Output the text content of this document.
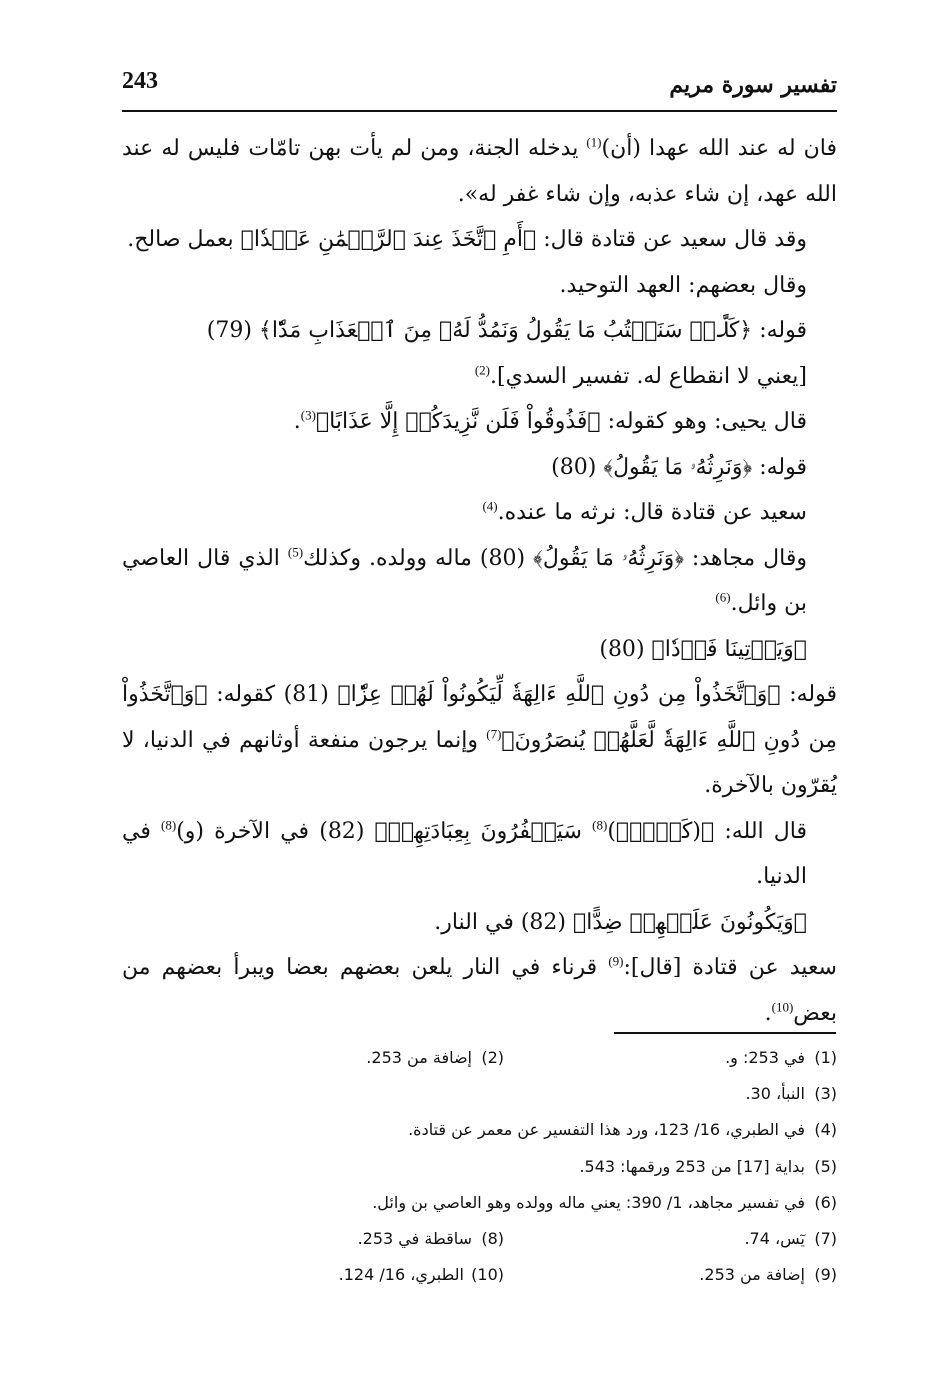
تفسير سورة مريم
243

فان له عند الله عهدا (أن)$^{(1)}$ يدخله الجنة، ومن لم يأت بهن تامّات فليس له عند الله عهد، إن شاء عذبه، وإن شاء غفر له».

وقد قال سعيد عن قتادة قال: ﴿أَمِ ٱتَّخَذَ عِندَ ٱلرَّحۡمَٰنِ عَهۡدٗا﴾ بعمل صالح.

وقال بعضهم: العهد التوحيد.

قوله: ﴿كَلَّاۚ سَنَكۡتُبُ مَا يَقُولُ وَنَمُدُّ لَهُۥ مِنَ ٱلۡعَذَابِ مَدّٗا﴾ (79)

[يعني لا انقطاع له. تفسير السدي].$^{(2)}$

قال يحيى: وهو كقوله: ﴿فَذُوقُواْ فَلَن نَّزِيدَكُمۡ إِلَّا عَذَابًا﴾$^{(3)}$.

قوله: ﴿وَنَرِثُهُۥ مَا يَقُولُ﴾ (80)

سعيد عن قتادة قال: نرثه ما عنده.$^{(4)}$

وقال مجاهد: ﴿وَنَرِثُهُۥ مَا يَقُولُ﴾ (80) ماله وولده. وكذلك$^{(5)}$ الذي قال العاصي بن وائل.$^{(6)}$

﴿وَيَأۡتِينَا فَرۡدٗا﴾ (80)

قوله: ﴿وَٱتَّخَذُواْ مِن دُونِ ٱللَّهِ ءَالِهَةٗ لِّيَكُونُواْ لَهُمۡ عِزّٗا﴾ (81) كقوله: ﴿وَٱتَّخَذُواْ مِن دُونِ ٱللَّهِ ءَالِهَةٗ لَّعَلَّهُمۡ يُنصَرُونَ﴾$^{(7)}$ وإنما يرجون منفعة أوثانهم في الدنيا، لا يُقرّون بالآخرة.

قال الله: ﴿(كَلَّاۚ)$^{(8)}$ سَيَكۡفُرُونَ بِعِبَادَتِهِمۡ﴾ (82) في الآخرة (و)$^{(8)}$ في الدنيا.

﴿وَيَكُونُونَ عَلَيۡهِمۡ ضِدًّا﴾ (82) في النار.

سعيد عن قتادة [قال]:$^{(9)}$ قرناء في النار يلعن بعضهم بعضا ويبرأ بعضهم من بعض$^{(10)}$.

(1)في 253: و.
(2)إضافة من 253.
(3)النبأ، 30.
(4)في الطبري، 16/ 123، ورد هذا التفسير عن معمر عن قتادة.
(5)بداية [17] من 253 ورقمها: 543.
(6)في تفسير مجاهد، 1/ 390: يعني ماله وولده وهو العاصي بن وائل.
(7)يٓس، 74.
(8)ساقطة في 253.
(9)إضافة من 253.
(10)الطبري، 16/ 124.
